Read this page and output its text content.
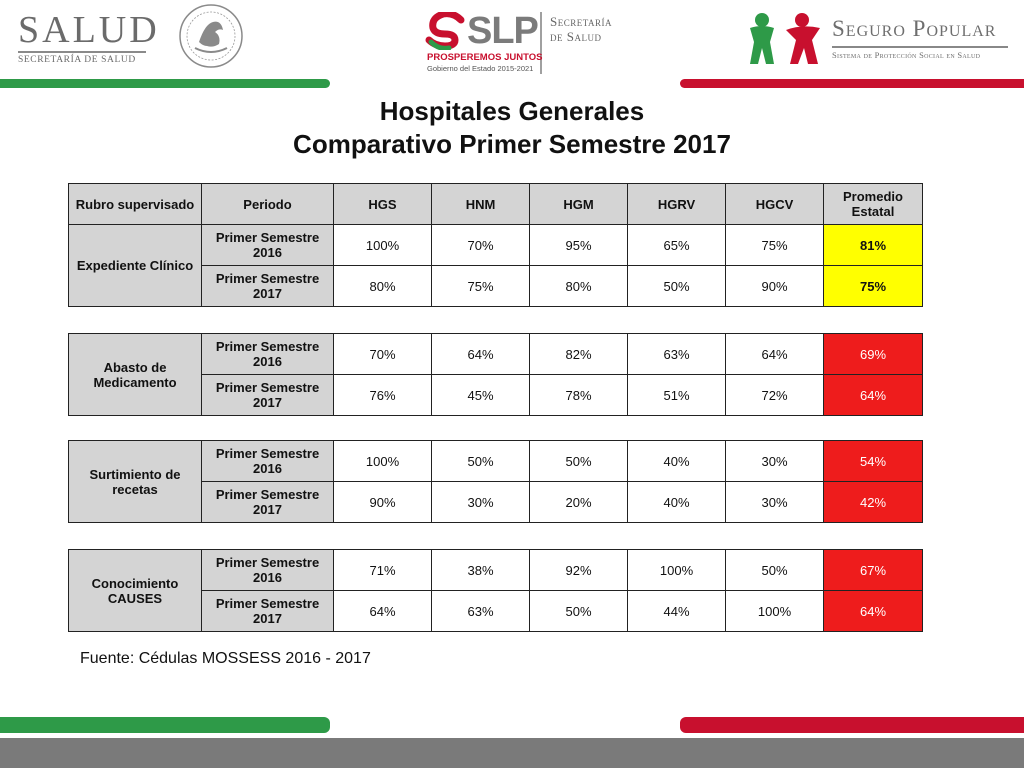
SALUD
SECRETARÍA DE SALUD
SLP Secretaría
de Salud
PROSPEREMOS JUNTOS
Gobierno del Estado 2015-2021
Seguro Popular
Sistema de Protección Social en Salud
Hospitales Generales
Comparativo Primer Semestre 2017
Rubro supervisado	Periodo	HGS	HNM	HGM	HGRV	HGCV	Promedio Estatal
Expediente Clínico	Primer Semestre 2016	100%	70%	95%	65%	75%	81%
	Primer Semestre 2017	80%	75%	80%	50%	90%	75%
Abasto de Medicamento	Primer Semestre 2016	70%	64%	82%	63%	64%	69%
	Primer Semestre 2017	76%	45%	78%	51%	72%	64%
Surtimiento de recetas	Primer Semestre 2016	100%	50%	50%	40%	30%	54%
	Primer Semestre 2017	90%	30%	20%	40%	30%	42%
Conocimiento CAUSES	Primer Semestre 2016	71%	38%	92%	100%	50%	67%
	Primer Semestre 2017	64%	63%	50%	44%	100%	64%
Fuente: Cédulas MOSSESS 2016 - 2017
